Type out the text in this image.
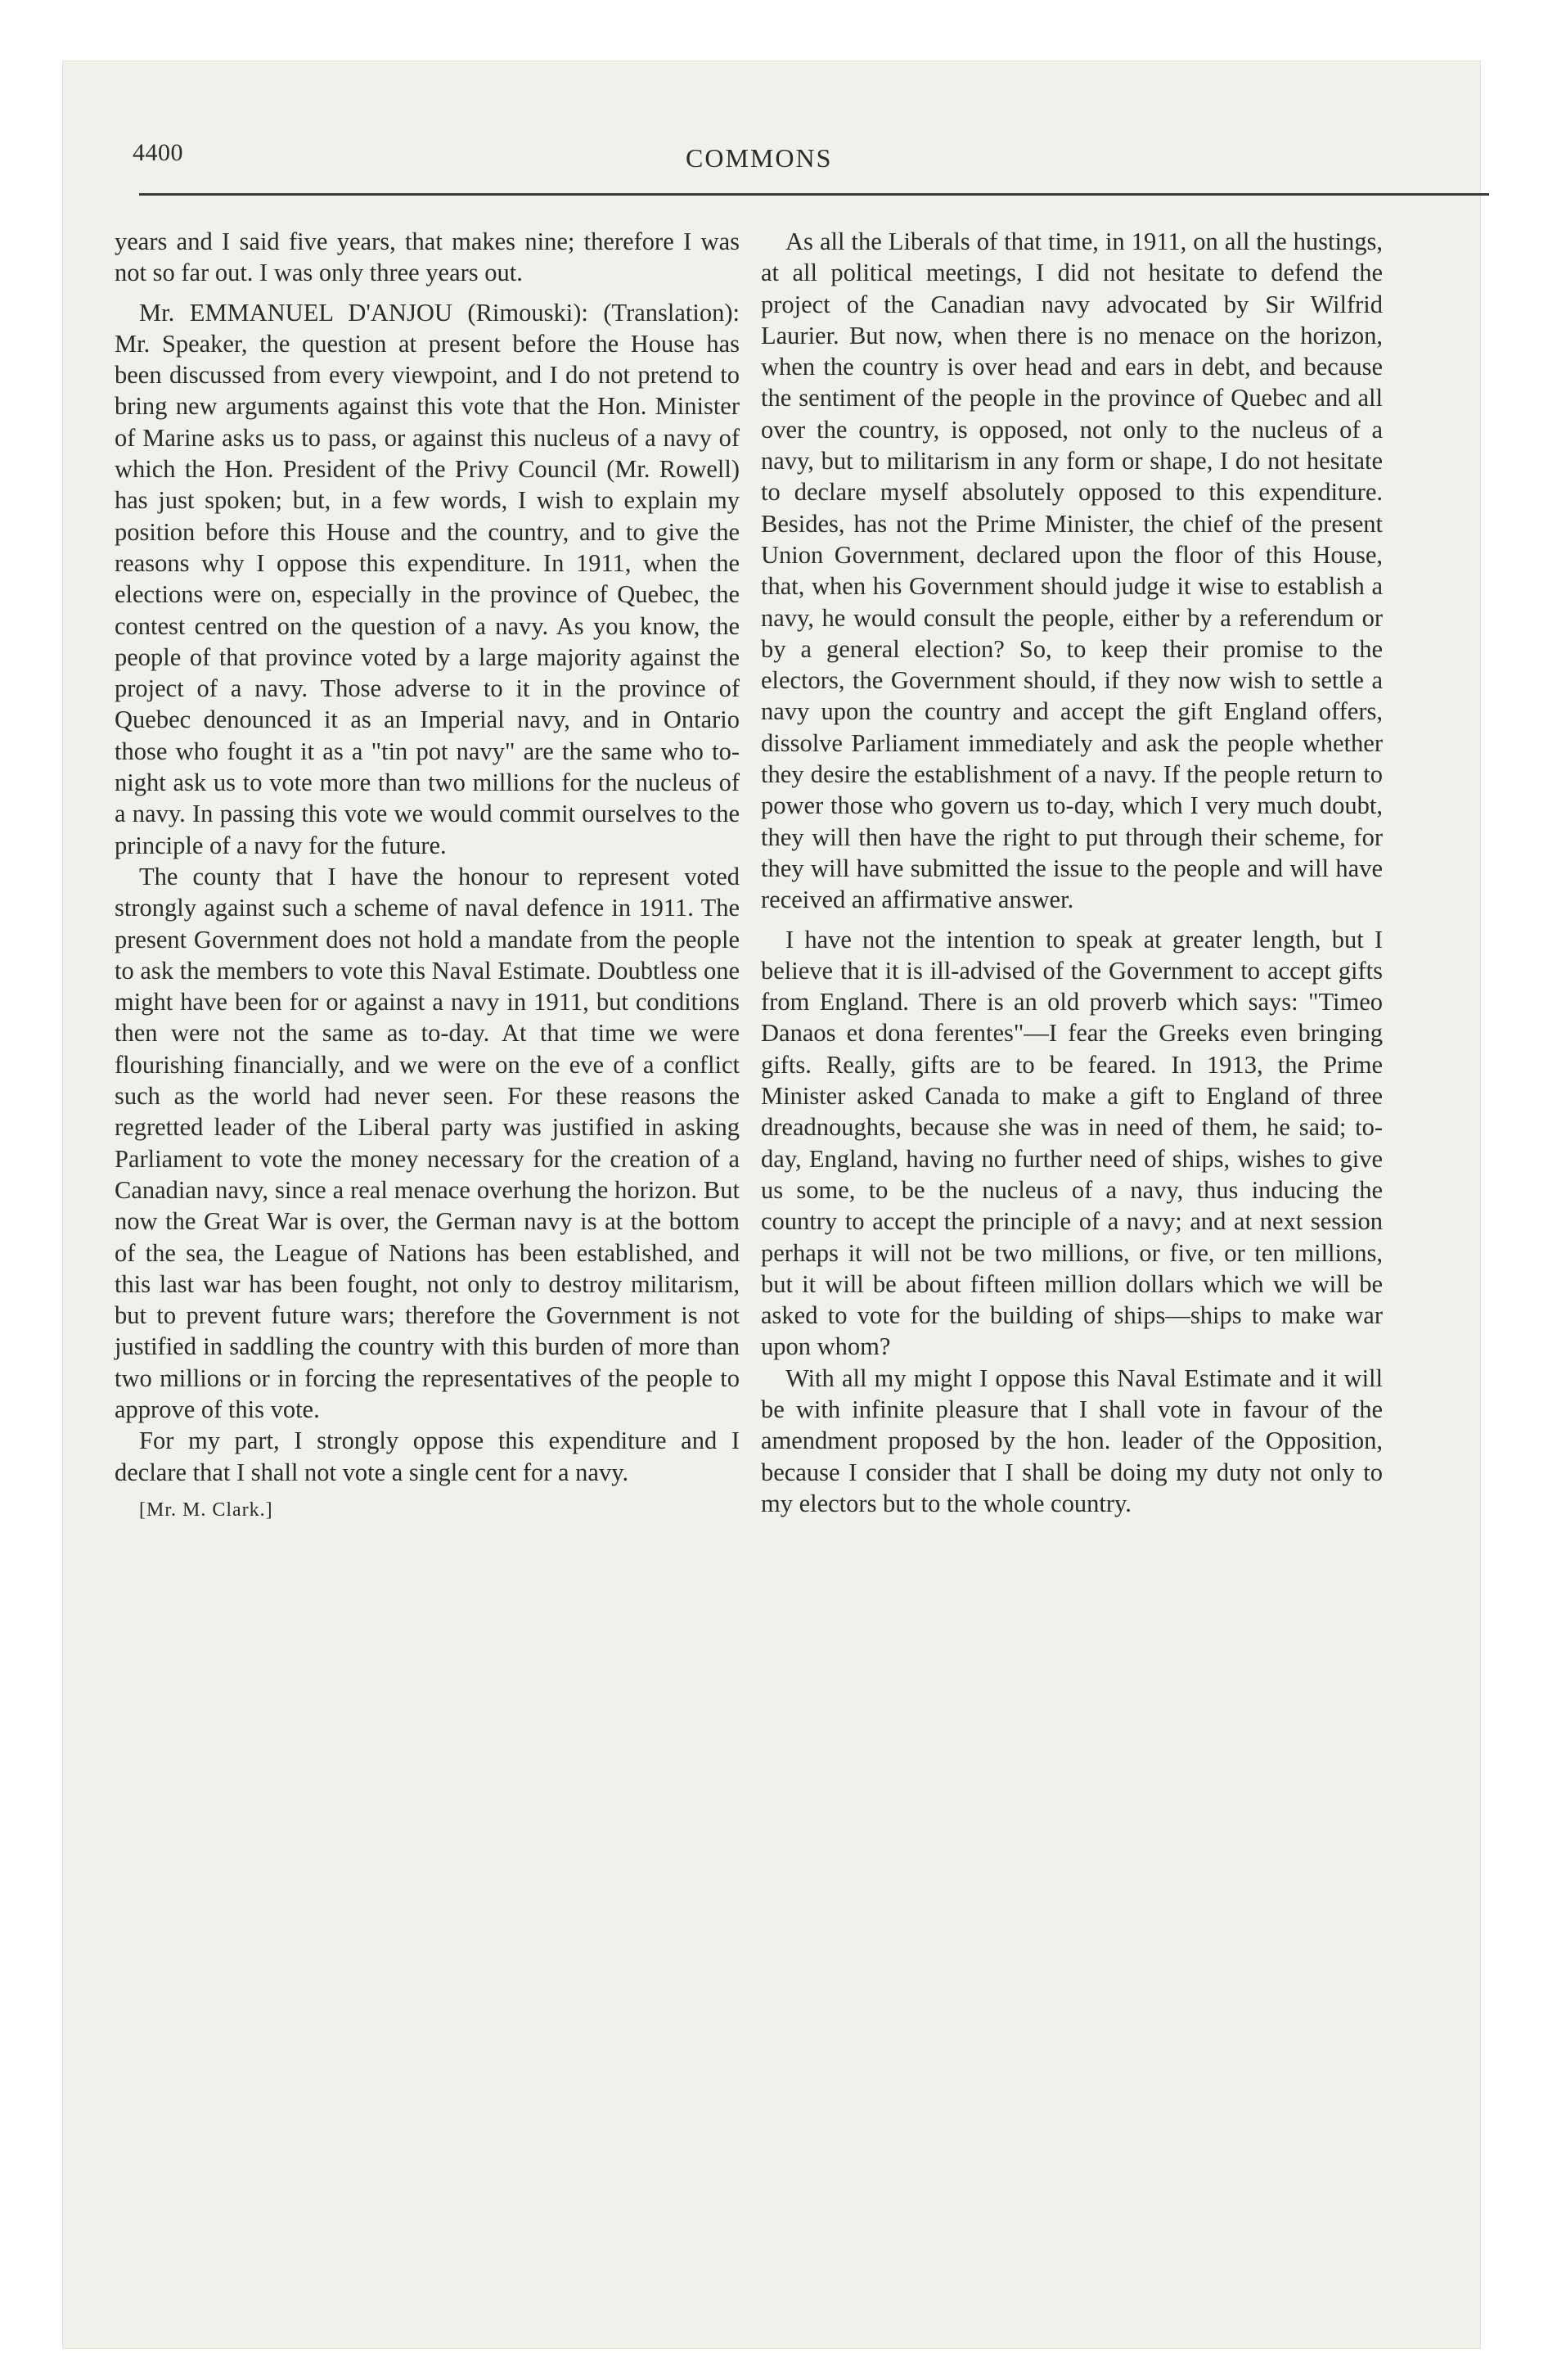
4400	COMMONS

years and I said five years, that makes nine; therefore I was not so far out. I was only three years out.

Mr. EMMANUEL D'ANJOU (Rimouski): (Translation): Mr. Speaker, the question at present before the House has been discussed from every viewpoint, and I do not pretend to bring new arguments against this vote that the Hon. Minister of Marine asks us to pass, or against this nucleus of a navy of which the Hon. President of the Privy Council (Mr. Rowell) has just spoken; but, in a few words, I wish to explain my position before this House and the country, and to give the reasons why I oppose this expenditure. In 1911, when the elections were on, especially in the province of Quebec, the contest centred on the question of a navy. As you know, the people of that province voted by a large majority against the project of a navy. Those adverse to it in the province of Quebec denounced it as an Imperial navy, and in Ontario those who fought it as a "tin pot navy" are the same who to-night ask us to vote more than two millions for the nucleus of a navy. In passing this vote we would commit ourselves to the principle of a navy for the future.

The county that I have the honour to represent voted strongly against such a scheme of naval defence in 1911. The present Government does not hold a mandate from the people to ask the members to vote this Naval Estimate. Doubtless one might have been for or against a navy in 1911, but conditions then were not the same as to-day. At that time we were flourishing financially, and we were on the eve of a conflict such as the world had never seen. For these reasons the regretted leader of the Liberal party was justified in asking Parliament to vote the money necessary for the creation of a Canadian navy, since a real menace overhung the horizon. But now the Great War is over, the German navy is at the bottom of the sea, the League of Nations has been established, and this last war has been fought, not only to destroy militarism, but to prevent future wars; therefore the Government is not justified in saddling the country with this burden of more than two millions or in forcing the representatives of the people to approve of this vote.

For my part, I strongly oppose this expenditure and I declare that I shall not vote a single cent for a navy.

[Mr. M. Clark.]

As all the Liberals of that time, in 1911, on all the hustings, at all political meetings, I did not hesitate to defend the project of the Canadian navy advocated by Sir Wilfrid Laurier. But now, when there is no menace on the horizon, when the country is over head and ears in debt, and because the sentiment of the people in the province of Quebec and all over the country, is opposed, not only to the nucleus of a navy, but to militarism in any form or shape, I do not hesitate to declare myself absolutely opposed to this expenditure. Besides, has not the Prime Minister, the chief of the present Union Government, declared upon the floor of this House, that, when his Government should judge it wise to establish a navy, he would consult the people, either by a referendum or by a general election? So, to keep their promise to the electors, the Government should, if they now wish to settle a navy upon the country and accept the gift England offers, dissolve Parliament immediately and ask the people whether they desire the establishment of a navy. If the people return to power those who govern us to-day, which I very much doubt, they will then have the right to put through their scheme, for they will have submitted the issue to the people and will have received an affirmative answer.

I have not the intention to speak at greater length, but I believe that it is ill-advised of the Government to accept gifts from England. There is an old proverb which says: "Timeo Danaos et dona ferentes"—I fear the Greeks even bringing gifts. Really, gifts are to be feared. In 1913, the Prime Minister asked Canada to make a gift to England of three dreadnoughts, because she was in need of them, he said; to-day, England, having no further need of ships, wishes to give us some, to be the nucleus of a navy, thus inducing the country to accept the principle of a navy; and at next session perhaps it will not be two millions, or five, or ten millions, but it will be about fifteen million dollars which we will be asked to vote for the building of ships—ships to make war upon whom?

With all my might I oppose this Naval Estimate and it will be with infinite pleasure that I shall vote in favour of the amendment proposed by the hon. leader of the Opposition, because I consider that I shall be doing my duty not only to my electors but to the whole country.
